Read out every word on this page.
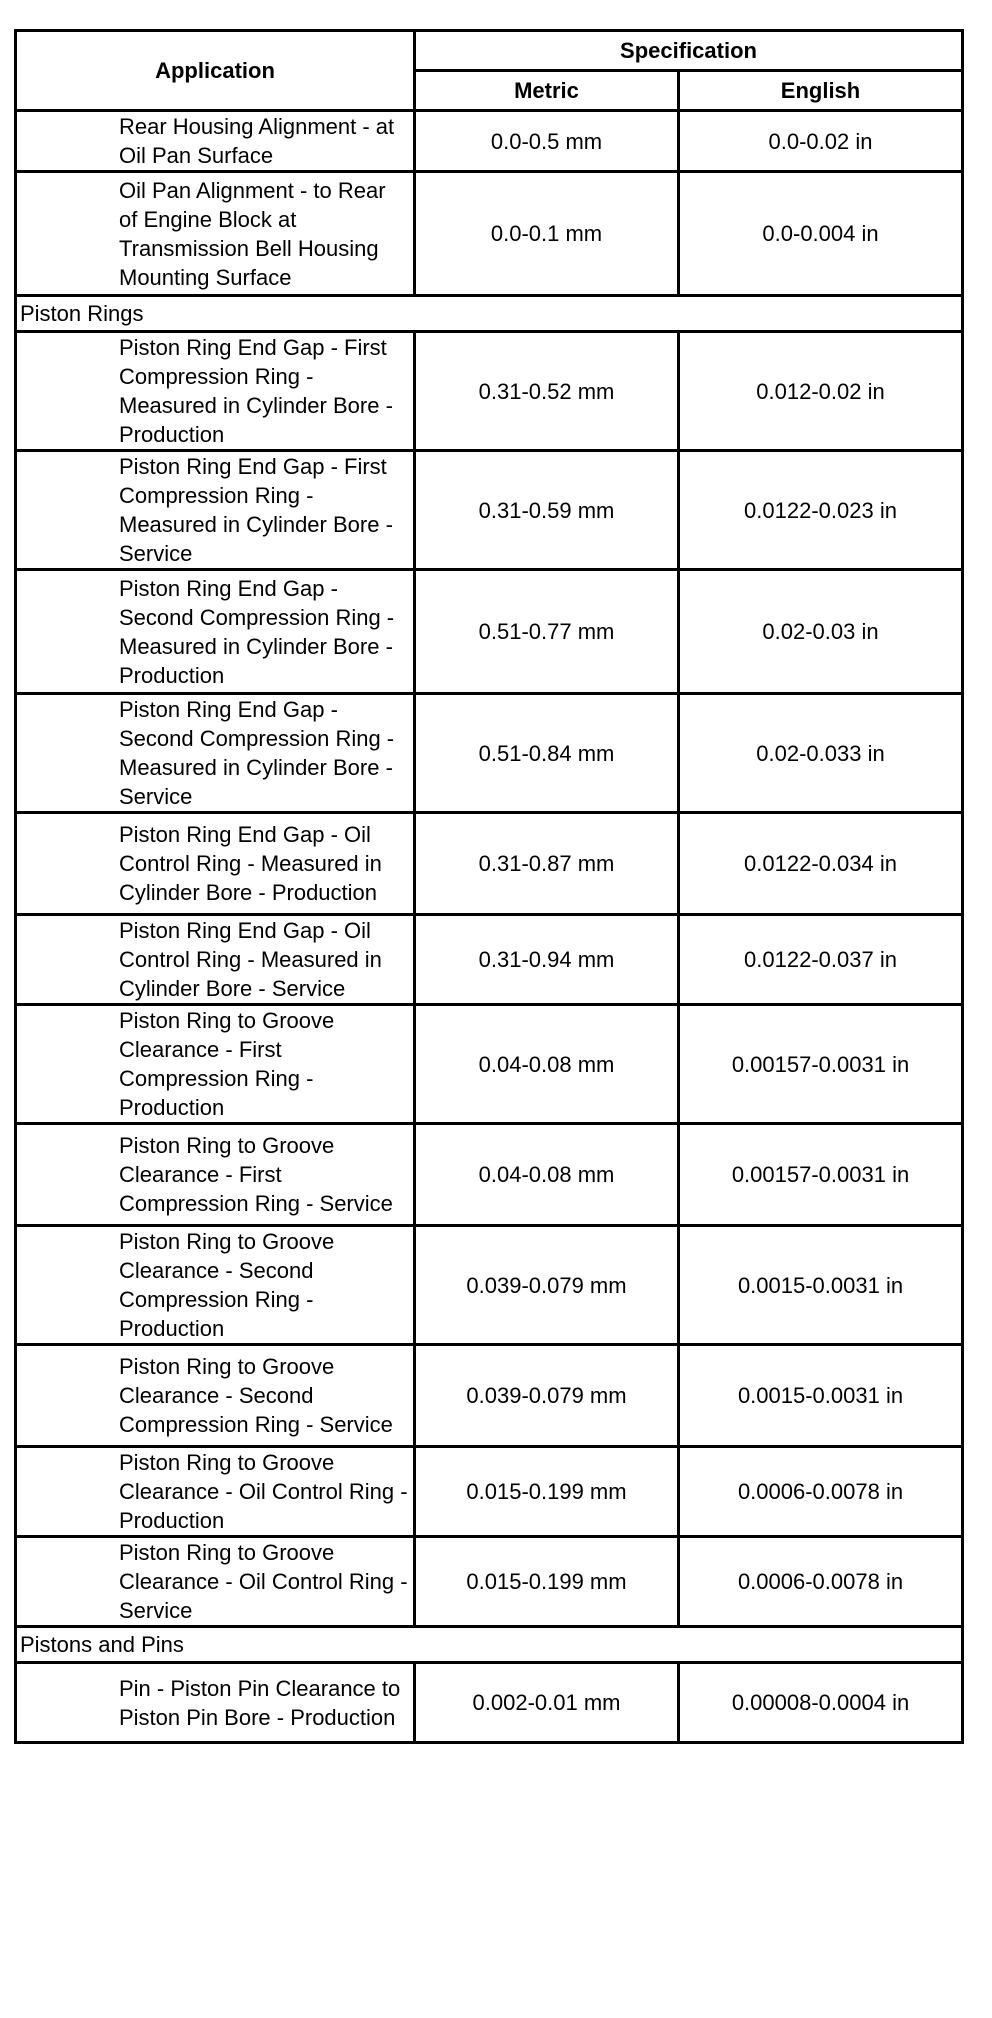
Application	Specification	
	Metric	English
Rear Housing Alignment - at Oil Pan Surface	0.0-0.5 mm	0.0-0.02 in
Oil Pan Alignment - to Rear of Engine Block at Transmission Bell Housing Mounting Surface	0.0-0.1 mm	0.0-0.004 in
Piston Rings		
Piston Ring End Gap - First Compression Ring - Measured in Cylinder Bore - Production	0.31-0.52 mm	0.012-0.02 in
Piston Ring End Gap - First Compression Ring - Measured in Cylinder Bore - Service	0.31-0.59 mm	0.0122-0.023 in
Piston Ring End Gap - Second Compression Ring - Measured in Cylinder Bore - Production	0.51-0.77 mm	0.02-0.03 in
Piston Ring End Gap - Second Compression Ring - Measured in Cylinder Bore - Service	0.51-0.84 mm	0.02-0.033 in
Piston Ring End Gap - Oil Control Ring - Measured in Cylinder Bore - Production	0.31-0.87 mm	0.0122-0.034 in
Piston Ring End Gap - Oil Control Ring - Measured in Cylinder Bore - Service	0.31-0.94 mm	0.0122-0.037 in
Piston Ring to Groove Clearance - First Compression Ring - Production	0.04-0.08 mm	0.00157-0.0031 in
Piston Ring to Groove Clearance - First Compression Ring - Service	0.04-0.08 mm	0.00157-0.0031 in
Piston Ring to Groove Clearance - Second Compression Ring - Production	0.039-0.079 mm	0.0015-0.0031 in
Piston Ring to Groove Clearance - Second Compression Ring - Service	0.039-0.079 mm	0.0015-0.0031 in
Piston Ring to Groove Clearance - Oil Control Ring - Production	0.015-0.199 mm	0.0006-0.0078 in
Piston Ring to Groove Clearance - Oil Control Ring - Service	0.015-0.199 mm	0.0006-0.0078 in
Pistons and Pins		
Pin - Piston Pin Clearance to Piston Pin Bore - Production	0.002-0.01 mm	0.00008-0.0004 in
